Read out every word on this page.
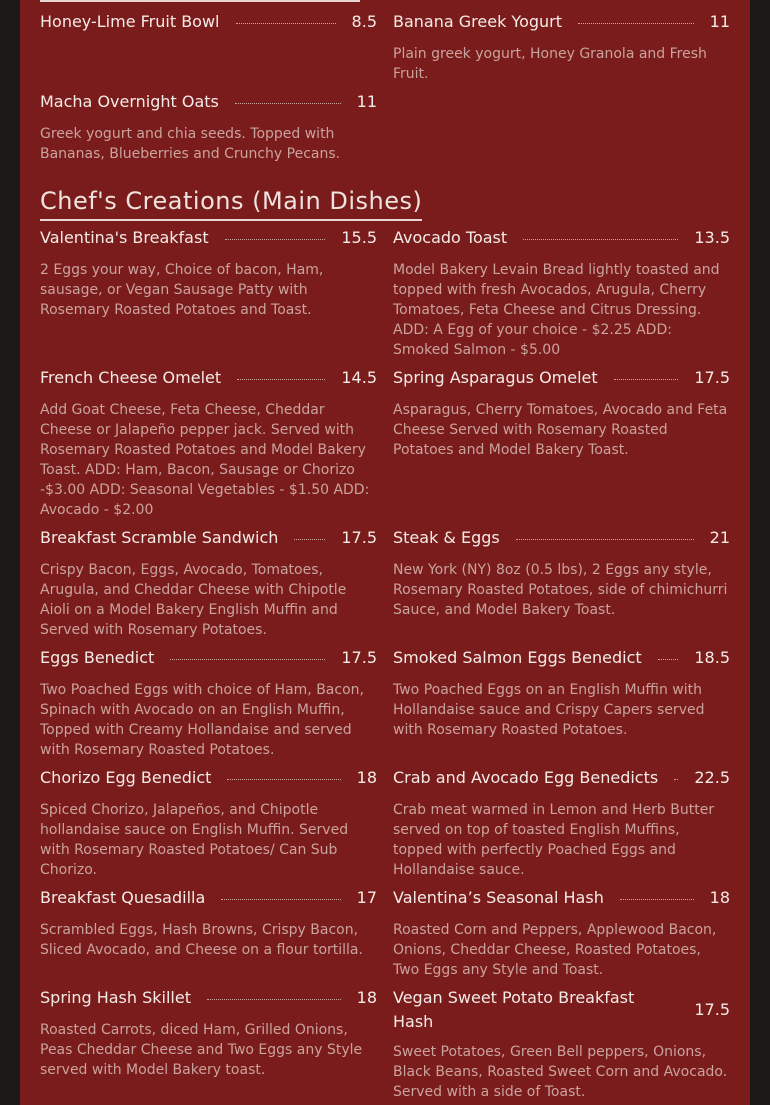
Honey-Lime Fruit Bowl	8.5 Banana Greek Yogurt	11
Plain greek yogurt, Honey Granola and Fresh Fruit.
Macha Overnight Oats	11
Greek yogurt and chia seeds. Topped with Bananas, Blueberries and Crunchy Pecans.
Chef's Creations (Main Dishes)
Valentina's Breakfast	15.5
2 Eggs your way, Choice of bacon, Ham, sausage, or Vegan Sausage Patty with Rosemary Roasted Potatoes and Toast.
Avocado Toast	13.5
Model Bakery Levain Bread lightly toasted and topped with fresh Avocados, Arugula, Cherry Tomatoes, Feta Cheese and Citrus Dressing. ADD: A Egg of your choice - $2.25 ADD: Smoked Salmon - $5.00
French Cheese Omelet	14.5
Add Goat Cheese, Feta Cheese, Cheddar Cheese or Jalapeño pepper jack. Served with Rosemary Roasted Potatoes and Model Bakery Toast. ADD: Ham, Bacon, Sausage or Chorizo -$3.00 ADD: Seasonal Vegetables - $1.50 ADD: Avocado - $2.00
Spring Asparagus Omelet	17.5
Asparagus, Cherry Tomatoes, Avocado and Feta Cheese Served with Rosemary Roasted Potatoes and Model Bakery Toast.
Breakfast Scramble Sandwich	17.5
Crispy Bacon, Eggs, Avocado, Tomatoes, Arugula, and Cheddar Cheese with Chipotle Aioli on a Model Bakery English Muffin and Served with Rosemary Potatoes.
Steak & Eggs	21
New York (NY) 8oz (0.5 lbs), 2 Eggs any style, Rosemary Roasted Potatoes, side of chimichurri Sauce, and Model Bakery Toast.
Eggs Benedict	17.5
Two Poached Eggs with choice of Ham, Bacon, Spinach with Avocado on an English Muffin, Topped with Creamy Hollandaise and served with Rosemary Roasted Potatoes.
Smoked Salmon Eggs Benedict	18.5
Two Poached Eggs on an English Muffin with Hollandaise sauce and Crispy Capers served with Rosemary Roasted Potatoes.
Chorizo Egg Benedict	18
Spiced Chorizo, Jalapeños, and Chipotle hollandaise sauce on English Muffin. Served with Rosemary Roasted Potatoes/ Can Sub Chorizo.
Crab and Avocado Egg Benedicts 22.5
Crab meat warmed in Lemon and Herb Butter served on top of toasted English Muffins, topped with perfectly Poached Eggs and Hollandaise sauce.
Breakfast Quesadilla	17
Scrambled Eggs, Hash Browns, Crispy Bacon, Sliced Avocado, and Cheese on a flour tortilla.
Valentina’s Seasonal Hash	18
Roasted Corn and Peppers, Applewood Bacon, Onions, Cheddar Cheese, Roasted Potatoes, Two Eggs any Style and Toast.
Spring Hash Skillet	18
Roasted Carrots, diced Ham, Grilled Onions, Peas Cheddar Cheese and Two Eggs any Style served with Model Bakery toast.
Vegan Sweet Potato Breakfast Hash
17.5
Sweet Potatoes, Green Bell peppers, Onions, Black Beans, Roasted Sweet Corn and Avocado. Served with a side of Toast.
